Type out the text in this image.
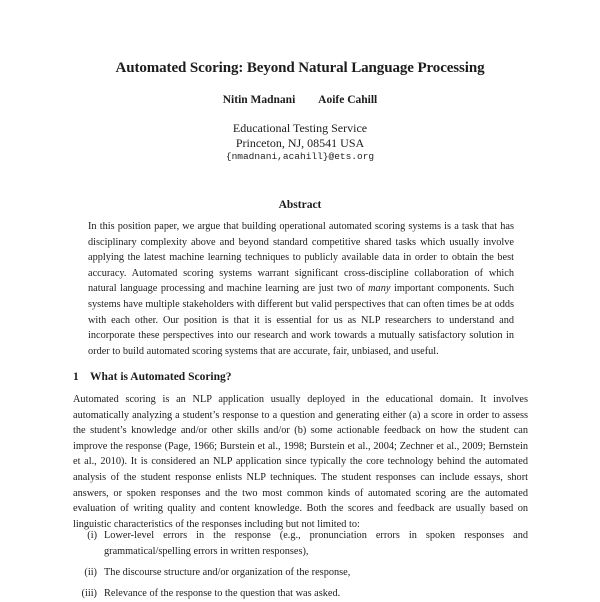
Automated Scoring: Beyond Natural Language Processing
Nitin Madnani Aoife Cahill
Educational Testing Service
Princeton, NJ, 08541 USA
{nmadnani,acahill}@ets.org
Abstract
In this position paper, we argue that building operational automated scoring systems is a task that has disciplinary complexity above and beyond standard competitive shared tasks which usually involve applying the latest machine learning techniques to publicly available data in order to obtain the best accuracy. Automated scoring systems warrant significant cross-discipline collaboration of which natural language processing and machine learning are just two of many important components. Such systems have multiple stakeholders with different but valid perspectives that can often times be at odds with each other. Our position is that it is essential for us as NLP researchers to understand and incorporate these perspectives into our research and work towards a mutually satisfactory solution in order to build automated scoring systems that are accurate, fair, unbiased, and useful.
1 What is Automated Scoring?
Automated scoring is an NLP application usually deployed in the educational domain. It involves automatically analyzing a student’s response to a question and generating either (a) a score in order to assess the student’s knowledge and/or other skills and/or (b) some actionable feedback on how the student can improve the response (Page, 1966; Burstein et al., 1998; Burstein et al., 2004; Zechner et al., 2009; Bernstein et al., 2010). It is considered an NLP application since typically the core technology behind the automated analysis of the student response enlists NLP techniques. The student responses can include essays, short answers, or spoken responses and the two most common kinds of automated scoring are the automated evaluation of writing quality and content knowledge. Both the scores and feedback are usually based on linguistic characteristics of the responses including but not limited to:
(i) Lower-level errors in the response (e.g., pronunciation errors in spoken responses and grammatical/spelling errors in written responses),
(ii) The discourse structure and/or organization of the response,
(iii) Relevance of the response to the question that was asked.
